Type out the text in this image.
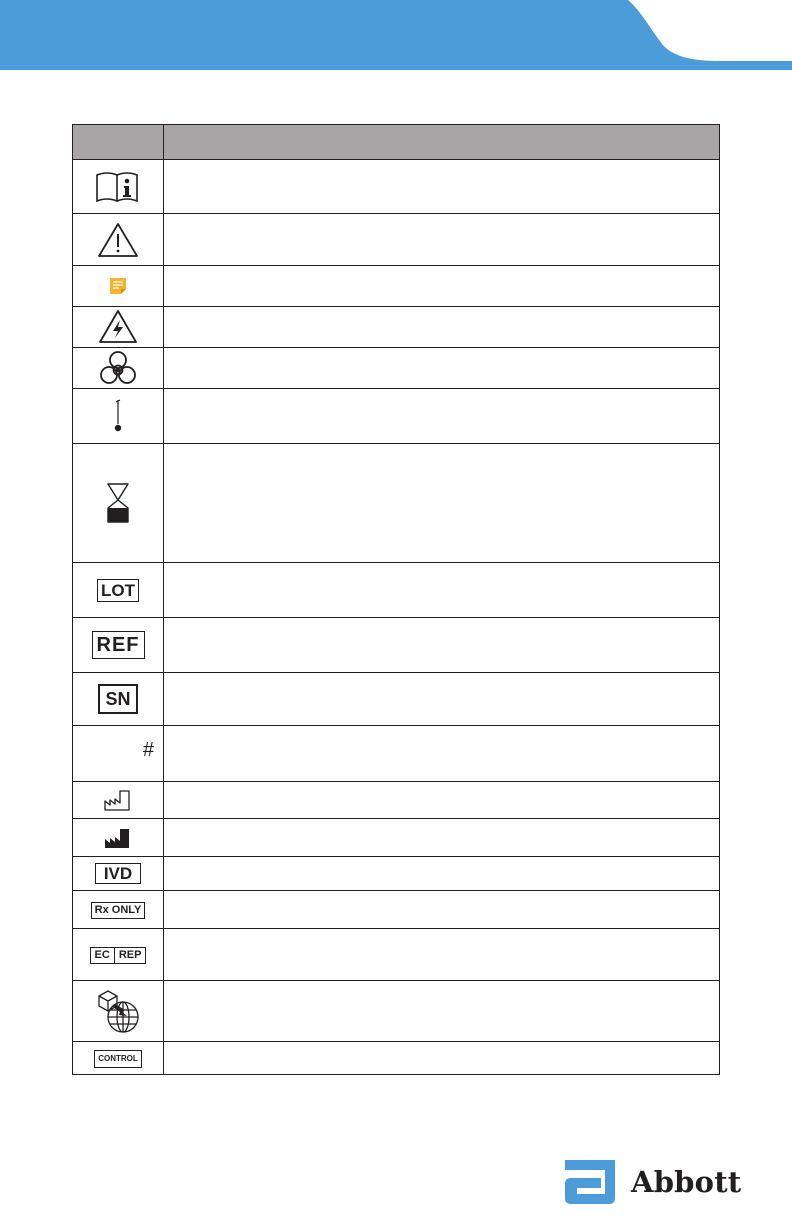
LOT	
REF	
SN	

#	

IVD	
Rx ONLY	

EC REP	

CONTROL	
Abbott
